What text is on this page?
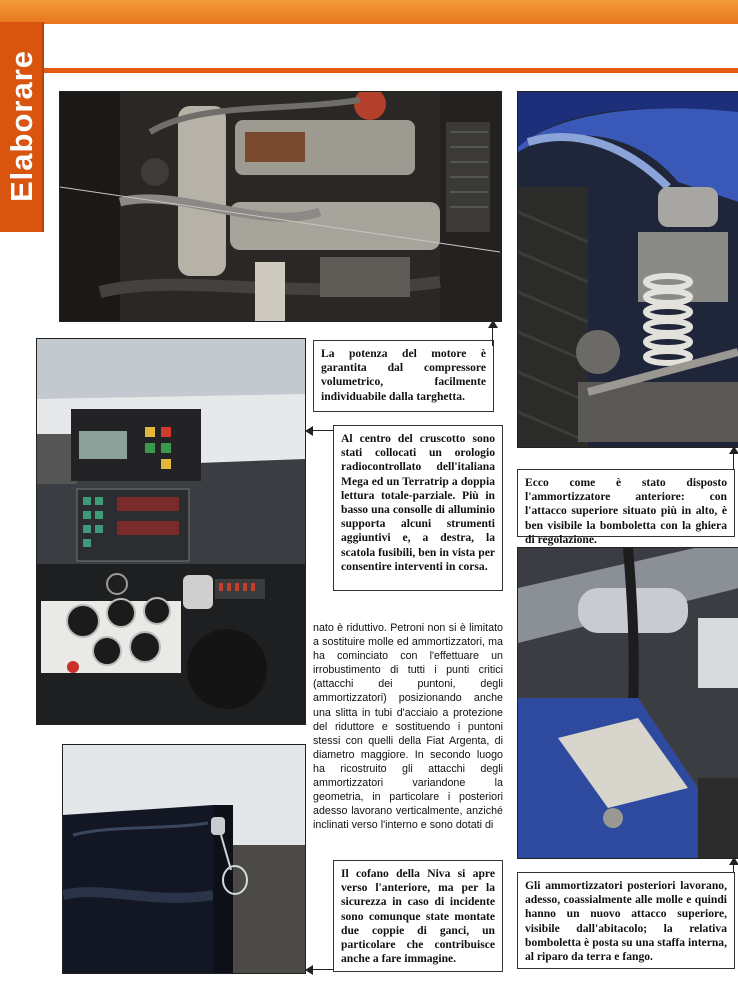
Elaborare
La potenza del motore è garantita dal compressore volumetrico, facilmente individuabile dalla targhetta.
Al centro del cruscotto sono stati collocati un orologio radiocontrollato dell'italiana Mega ed un Terratrip a doppia lettura totale-parziale. Più in basso una consolle di alluminio supporta alcuni strumenti aggiuntivi e, a destra, la scatola fusibili, ben in vista per consentire interventi in corsa.
Ecco come è stato disposto l'ammortizzatore anteriore: con l'attacco superiore situato più in alto, è ben visibile la bomboletta con la ghiera di regolazione.
nato è riduttivo. Petroni non si è limitato a sostituire molle ed ammortizzatori, ma ha cominciato con l'effettuare un irrobustimento di tutti i punti critici (attacchi dei puntoni, degli ammortizzatori) posizionando anche una slitta in tubi d'acciaio a protezione del riduttore e sostituendo i puntoni stessi con quelli della Fiat Argenta, di diametro maggiore. In secondo luogo ha ricostruito gli attacchi degli ammortizzatori variandone la geometria, in particolare i posteriori adesso lavorano verticalmente, anziché inclinati verso l'interno e sono dotati di
Il cofano della Niva si apre verso l'anteriore, ma per la sicurezza in caso di incidente sono comunque state montate due coppie di ganci, un particolare che contribuisce anche a fare immagine.
Gli ammortizzatori posteriori lavorano, adesso, coassialmente alle molle e quindi hanno un nuovo attacco superiore, visibile dall'abitacolo; la relativa bomboletta è posta su una staffa interna, al riparo da terra e fango.
